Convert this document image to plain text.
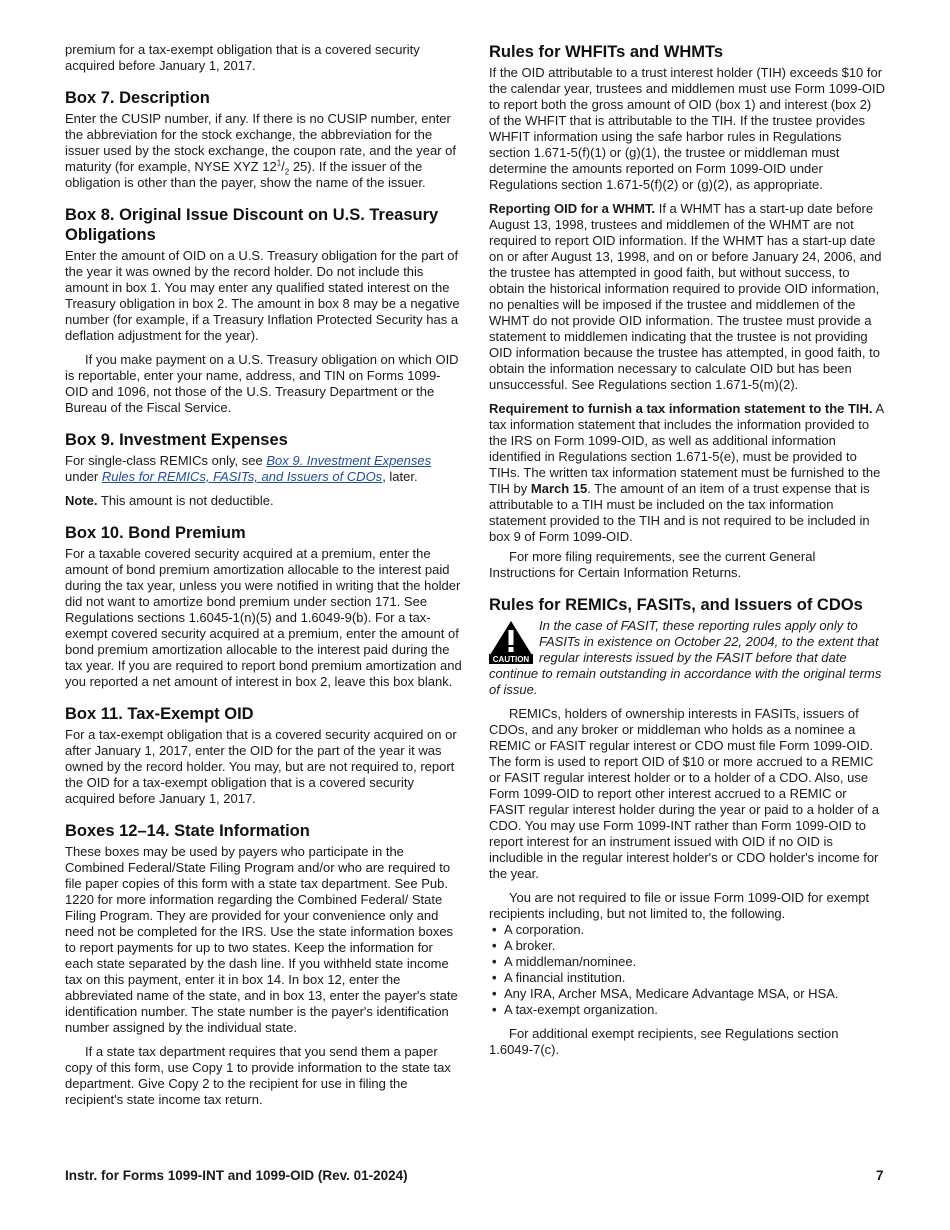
premium for a tax-exempt obligation that is a covered security acquired before January 1, 2017.

Box 7. Description

Enter the CUSIP number, if any. If there is no CUSIP number, enter the abbreviation for the stock exchange, the abbreviation for the issuer used by the stock exchange, the coupon rate, and the year of maturity (for example, NYSE XYZ $12^1/_2$ 25). If the issuer of the obligation is other than the payer, show the name of the issuer.

Box 8. Original Issue Discount on U.S. Treasury Obligations

Enter the amount of OID on a U.S. Treasury obligation for the part of the year it was owned by the record holder. Do not include this amount in box 1. You may enter any qualified stated interest on the Treasury obligation in box 2. The amount in box 8 may be a negative number (for example, if a Treasury Inflation Protected Security has a deflation adjustment for the year).

If you make payment on a U.S. Treasury obligation on which OID is reportable, enter your name, address, and TIN on Forms 1099-OID and 1096, not those of the U.S. Treasury Department or the Bureau of the Fiscal Service.

Box 9. Investment Expenses

For single-class REMICs only, see Box 9. Investment Expenses under Rules for REMICs, FASITs, and Issuers of CDOs, later.

Note. This amount is not deductible.

Box 10. Bond Premium

For a taxable covered security acquired at a premium, enter the amount of bond premium amortization allocable to the interest paid during the tax year, unless you were notified in writing that the holder did not want to amortize bond premium under section 171. See Regulations sections 1.6045-1(n)(5) and 1.6049-9(b). For a tax-exempt covered security acquired at a premium, enter the amount of bond premium amortization allocable to the interest paid during the tax year. If you are required to report bond premium amortization and you reported a net amount of interest in box 2, leave this box blank.

Box 11. Tax-Exempt OID

For a tax-exempt obligation that is a covered security acquired on or after January 1, 2017, enter the OID for the part of the year it was owned by the record holder. You may, but are not required to, report the OID for a tax-exempt obligation that is a covered security acquired before January 1, 2017.

Boxes 12–14. State Information

These boxes may be used by payers who participate in the Combined Federal/State Filing Program and/or who are required to file paper copies of this form with a state tax department. See Pub. 1220 for more information regarding the Combined Federal/ State Filing Program. They are provided for your convenience only and need not be completed for the IRS. Use the state information boxes to report payments for up to two states. Keep the information for each state separated by the dash line. If you withheld state income tax on this payment, enter it in box 14. In box 12, enter the abbreviated name of the state, and in box 13, enter the payer's state identification number. The state number is the payer's identification number assigned by the individual state.

If a state tax department requires that you send them a paper copy of this form, use Copy 1 to provide information to the state tax department. Give Copy 2 to the recipient for use in filing the recipient's state income tax return.

Rules for WHFITs and WHMTs

If the OID attributable to a trust interest holder (TIH) exceeds $10 for the calendar year, trustees and middlemen must use Form 1099-OID to report both the gross amount of OID (box 1) and interest (box 2) of the WHFIT that is attributable to the TIH. If the trustee provides WHFIT information using the safe harbor rules in Regulations section 1.671-5(f)(1) or (g)(1), the trustee or middleman must determine the amounts reported on Form 1099-OID under Regulations section 1.671-5(f)(2) or (g)(2), as appropriate.

Reporting OID for a WHMT. If a WHMT has a start-up date before August 13, 1998, trustees and middlemen of the WHMT are not required to report OID information. If the WHMT has a start-up date on or after August 13, 1998, and on or before January 24, 2006, and the trustee has attempted in good faith, but without success, to obtain the historical information required to provide OID information, no penalties will be imposed if the trustee and middlemen of the WHMT do not provide OID information. The trustee must provide a statement to middlemen indicating that the trustee is not providing OID information because the trustee has attempted, in good faith, to obtain the information necessary to calculate OID but has been unsuccessful. See Regulations section 1.671-5(m)(2).

Requirement to furnish a tax information statement to the TIH. A tax information statement that includes the information provided to the IRS on Form 1099-OID, as well as additional information identified in Regulations section 1.671-5(e), must be provided to TIHs. The written tax information statement must be furnished to the TIH by March 15. The amount of an item of a trust expense that is attributable to a TIH must be included on the tax information statement provided to the TIH and is not required to be included in box 9 of Form 1099-OID.

For more filing requirements, see the current General Instructions for Certain Information Returns.

Rules for REMICs, FASITs, and Issuers of CDOs
CAUTION
In the case of FASIT, these reporting rules apply only to FASITs in existence on October 22, 2004, to the extent that regular interests issued by the FASIT before that date continue to remain outstanding in accordance with the original terms of issue.

REMICs, holders of ownership interests in FASITs, issuers of CDOs, and any broker or middleman who holds as a nominee a REMIC or FASIT regular interest or CDO must file Form 1099-OID. The form is used to report OID of $10 or more accrued to a REMIC or FASIT regular interest holder or to a holder of a CDO. Also, use Form 1099-OID to report other interest accrued to a REMIC or FASIT regular interest holder during the year or paid to a holder of a CDO. You may use Form 1099-INT rather than Form 1099-OID to report interest for an instrument issued with OID if no OID is includible in the regular interest holder's or CDO holder's income for the year.

You are not required to file or issue Form 1099-OID for exempt recipients including, but not limited to, the following.

• A corporation.
• A broker.
• A middleman/nominee.
• A financial institution.
• Any IRA, Archer MSA, Medicare Advantage MSA, or HSA.
• A tax-exempt organization.

For additional exempt recipients, see Regulations section 1.6049-7(c).

Instr. for Forms 1099-INT and 1099-OID (Rev. 01-2024)	7
